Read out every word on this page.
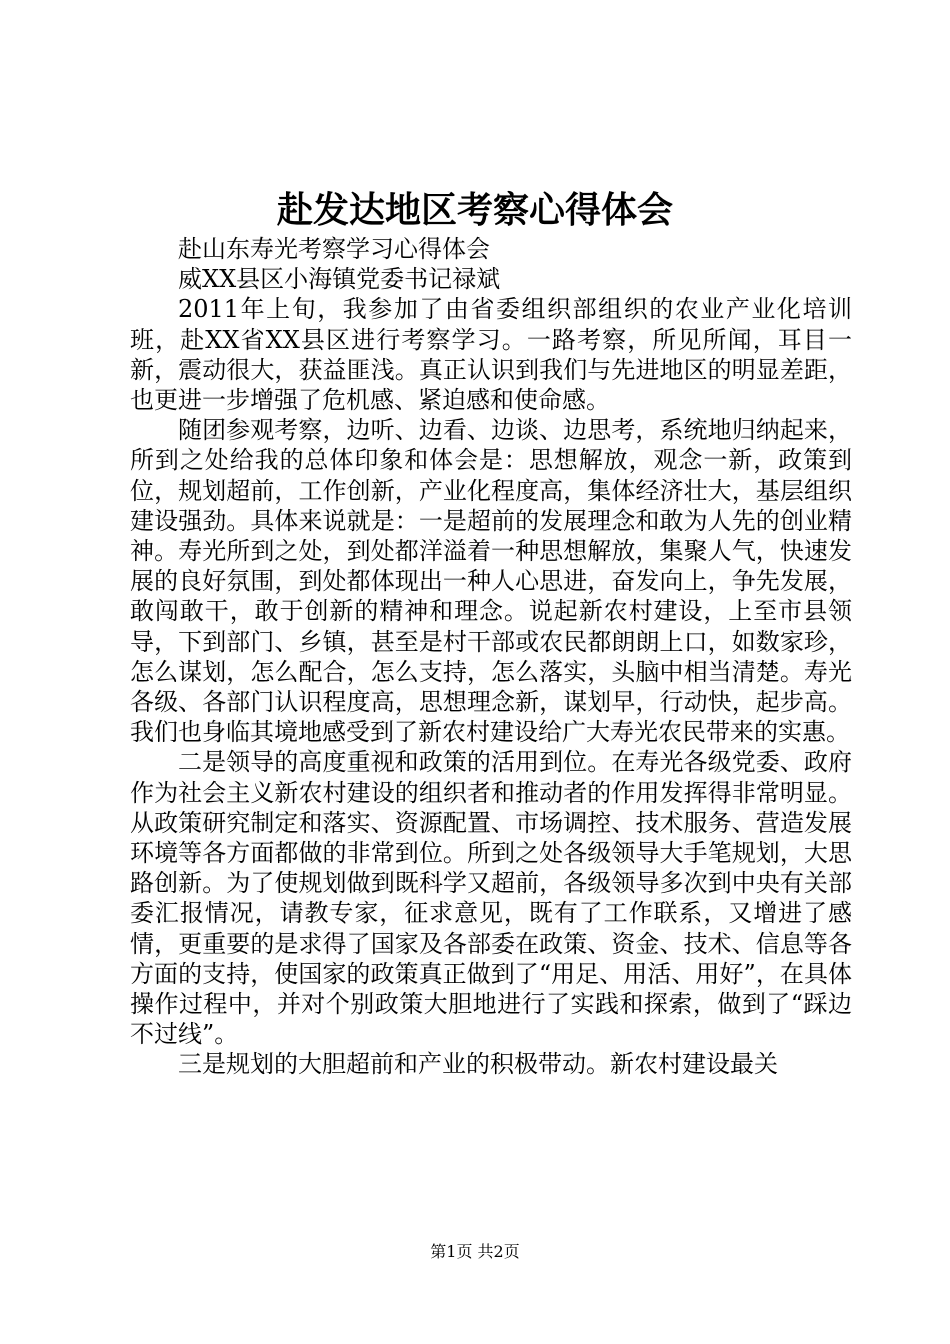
赴发达地区考察心得体会

赴山东寿光考察学习心得体会

威XX县区小海镇党委书记禄斌

2011年上旬，我参加了由省委组织部组织的农业产业化培训班，赴XX省XX县区进行考察学习。一路考察，所见所闻，耳目一新，震动很大，获益匪浅。真正认识到我们与先进地区的明显差距，也更进一步增强了危机感、紧迫感和使命感。

随团参观考察，边听、边看、边谈、边思考，系统地归纳起来，所到之处给我的总体印象和体会是：思想解放，观念一新，政策到位，规划超前，工作创新，产业化程度高，集体经济壮大，基层组织建设强劲。具体来说就是：一是超前的发展理念和敢为人先的创业精神。寿光所到之处，到处都洋溢着一种思想解放，集聚人气，快速发展的良好氛围，到处都体现出一种人心思进，奋发向上，争先发展，敢闯敢干，敢于创新的精神和理念。说起新农村建设，上至市县领导，下到部门、乡镇，甚至是村干部或农民都朗朗上口，如数家珍，怎么谋划，怎么配合，怎么支持，怎么落实，头脑中相当清楚。寿光各级、各部门认识程度高，思想理念新，谋划早，行动快，起步高。我们也身临其境地感受到了新农村建设给广大寿光农民带来的实惠。

二是领导的高度重视和政策的活用到位。在寿光各级党委、政府作为社会主义新农村建设的组织者和推动者的作用发挥得非常明显。从政策研究制定和落实、资源配置、市场调控、技术服务、营造发展环境等各方面都做的非常到位。所到之处各级领导大手笔规划，大思路创新。为了使规划做到既科学又超前，各级领导多次到中央有关部委汇报情况，请教专家，征求意见，既有了工作联系，又增进了感情，更重要的是求得了国家及各部委在政策、资金、技术、信息等各方面的支持，使国家的政策真正做到了“用足、用活、用好”，在具体操作过程中，并对个别政策大胆地进行了实践和探索，做到了“踩边不过线”。

三是规划的大胆超前和产业的积极带动。新农村建设最关

第1页 共2页
